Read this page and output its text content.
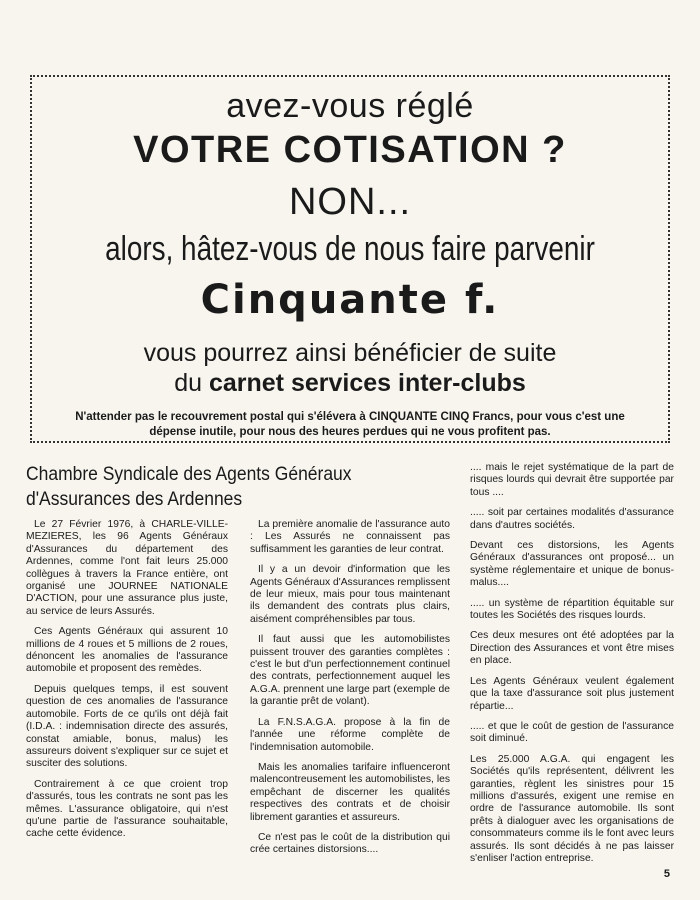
avez-vous réglé

VOTRE COTISATION ?

NON...

alors, hâtez-vous de nous faire parvenir

Cinquante f.

vous pourrez ainsi bénéficier de suite

du carnet services inter-clubs

N'attender pas le recouvrement postal qui s'élévera à CINQUANTE CINQ Francs, pour vous c'est une dépense inutile, pour nous des heures perdues qui ne vous profitent pas.

Chambre Syndicale des Agents Généraux
d'Assurances des Ardennes

Le 27 Février 1976, à CHARLE-VILLE-MEZIERES, les 96 Agents Généraux d'Assurances du département des Ardennes, comme l'ont fait leurs 25.000 collègues à travers la France entière, ont organisé une JOURNEE NATIONALE D'ACTION, pour une assurance plus juste, au service de leurs Assurés.

Ces Agents Généraux qui assurent 10 millions de 4 roues et 5 millions de 2 roues, dénoncent les anomalies de l'assurance automobile et proposent des remèdes.

Depuis quelques temps, il est souvent question de ces anomalies de l'assurance automobile. Forts de ce qu'ils ont déjà fait (I.D.A. : indemnisation directe des assurés, constat amiable, bonus, malus) les assureurs doivent s'expliquer sur ce sujet et susciter des solutions.

Contrairement à ce que croient trop d'assurés, tous les contrats ne sont pas les mêmes. L'assurance obligatoire, qui n'est qu'une partie de l'assurance souhaitable, cache cette évidence.

La première anomalie de l'assurance auto : Les Assurés ne connaissent pas suffisamment les garanties de leur contrat.

Il y a un devoir d'information que les Agents Généraux d'Assurances remplissent de leur mieux, mais pour tous maintenant ils demandent des contrats plus clairs, aisément compréhensibles par tous.

Il faut aussi que les automobilistes puissent trouver des garanties complètes : c'est le but d'un perfectionnement continuel des contrats, perfectionnement auquel les A.G.A. prennent une large part (exemple de la garantie prêt de volant).

La F.N.S.A.G.A. propose à la fin de l'année une réforme complète de l'indemnisation automobile.

Mais les anomalies tarifaire influenceront malencontreusement les automobilistes, les empêchant de discerner les qualités respectives des contrats et de choisir librement garanties et assureurs.

Ce n'est pas le coût de la distribution qui crée certaines distorsions....

.... mais le rejet systématique de la part de risques lourds qui devrait être supportée par tous ....

..... soit par certaines modalités d'assurance dans d'autres sociétés.

Devant ces distorsions, les Agents Généraux d'assurances ont proposé... un système réglementaire et unique de bonus-malus....

..... un système de répartition équitable sur toutes les Sociétés des risques lourds.

Ces deux mesures ont été adoptées par la Direction des Assurances et vont être mises en place.

Les Agents Généraux veulent également que la taxe d'assurance soit plus justement répartie...

..... et que le coût de gestion de l'assurance soit diminué.

Les 25.000 A.G.A. qui engagent les Sociétés qu'ils représentent, délivrent les garanties, règlent les sinistres pour 15 millions d'assurés, exigent une remise en ordre de l'assurance automobile. Ils sont prêts à dialoguer avec les organisations de consommateurs comme ils le font avec leurs assurés. Ils sont décidés à ne pas laisser s'enliser l'action entreprise.

5
